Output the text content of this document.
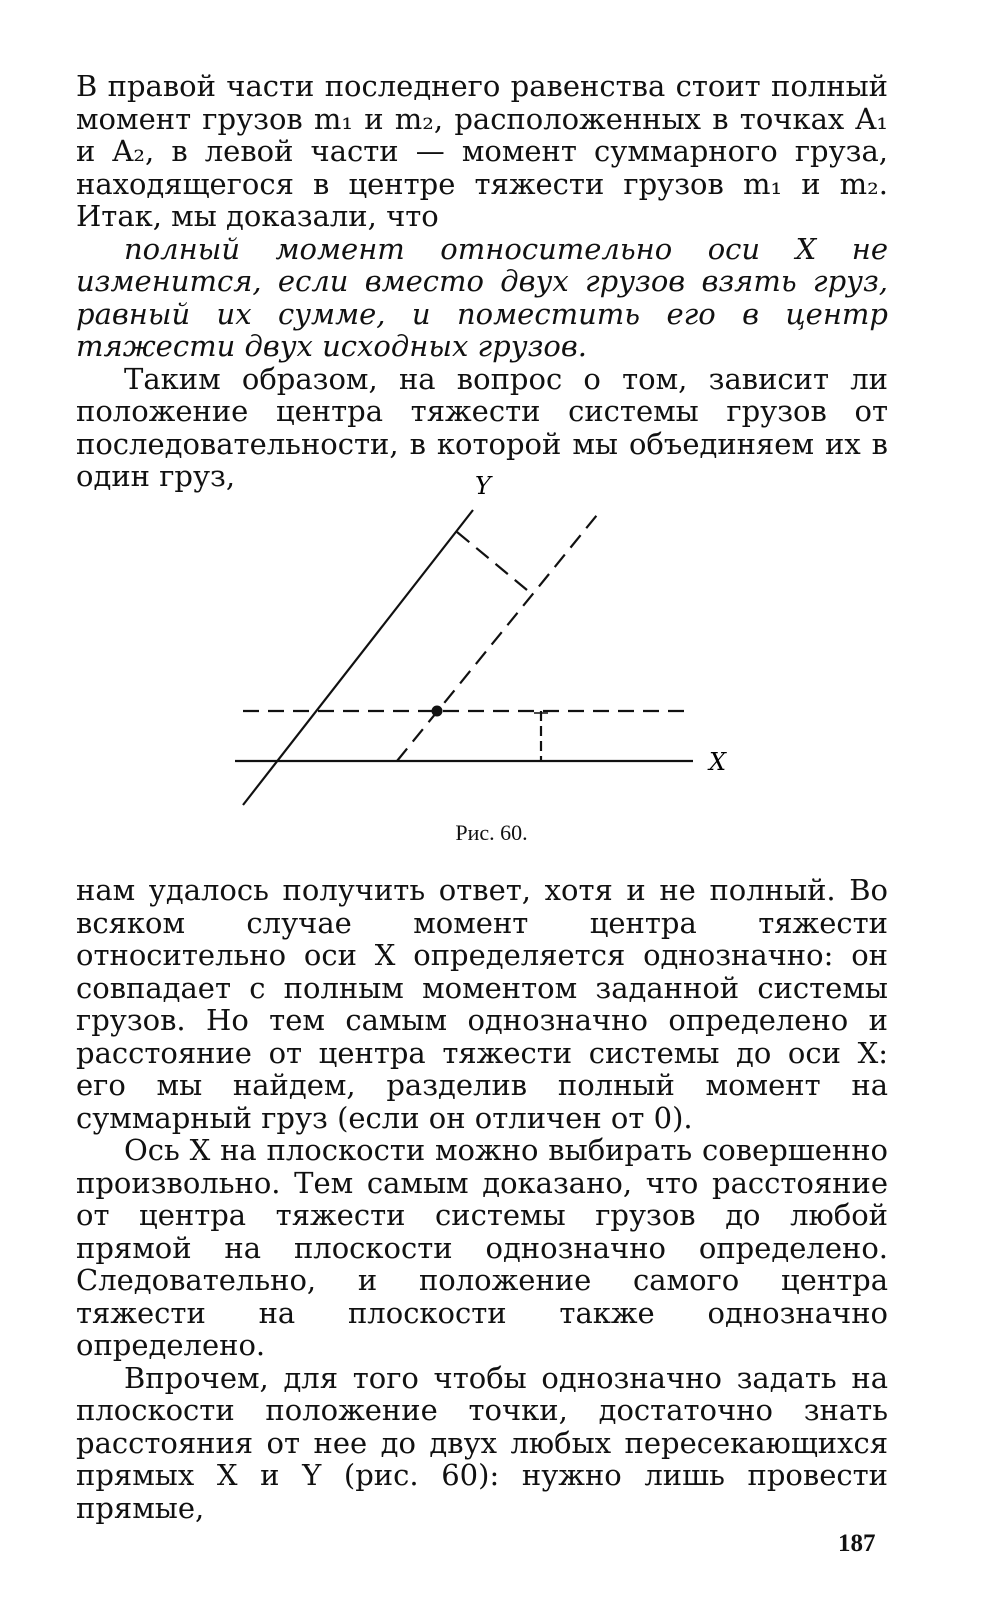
В правой части последнего равенства стоит полный момент грузов m₁ и m₂, расположенных в точках A₁ и A₂, в левой части — момент суммарного груза, находящегося в центре тяжести грузов m₁ и m₂. Итак, мы доказали, что

полный момент относительно оси X не изменится, если вместо двух грузов взять груз, равный их сумме, и поместить его в центр тяжести двух исходных грузов.

Таким образом, на вопрос о том, зависит ли положение центра тяжести системы грузов от последовательности, в которой мы объединяем их в один груз,	Y
X
Рис. 60.

нам удалось получить ответ, хотя и не полный. Во всяком случае момент центра тяжести относительно оси X определяется однозначно: он совпадает с полным моментом заданной системы грузов. Но тем самым однозначно определено и расстояние от центра тяжести системы до оси X: его мы найдем, разделив полный момент на суммарный груз (если он отличен от 0).

Ось X на плоскости можно выбирать совершенно произвольно. Тем самым доказано, что расстояние от центра тяжести системы грузов до любой прямой на плоскости однозначно определено. Следовательно, и положение самого центра тяжести на плоскости также однозначно определено.

Впрочем, для того чтобы однозначно задать на плоскости положение точки, достаточно знать расстояния от нее до двух любых пересекающихся прямых X и Y (рис. 60): нужно лишь провести прямые,

187
